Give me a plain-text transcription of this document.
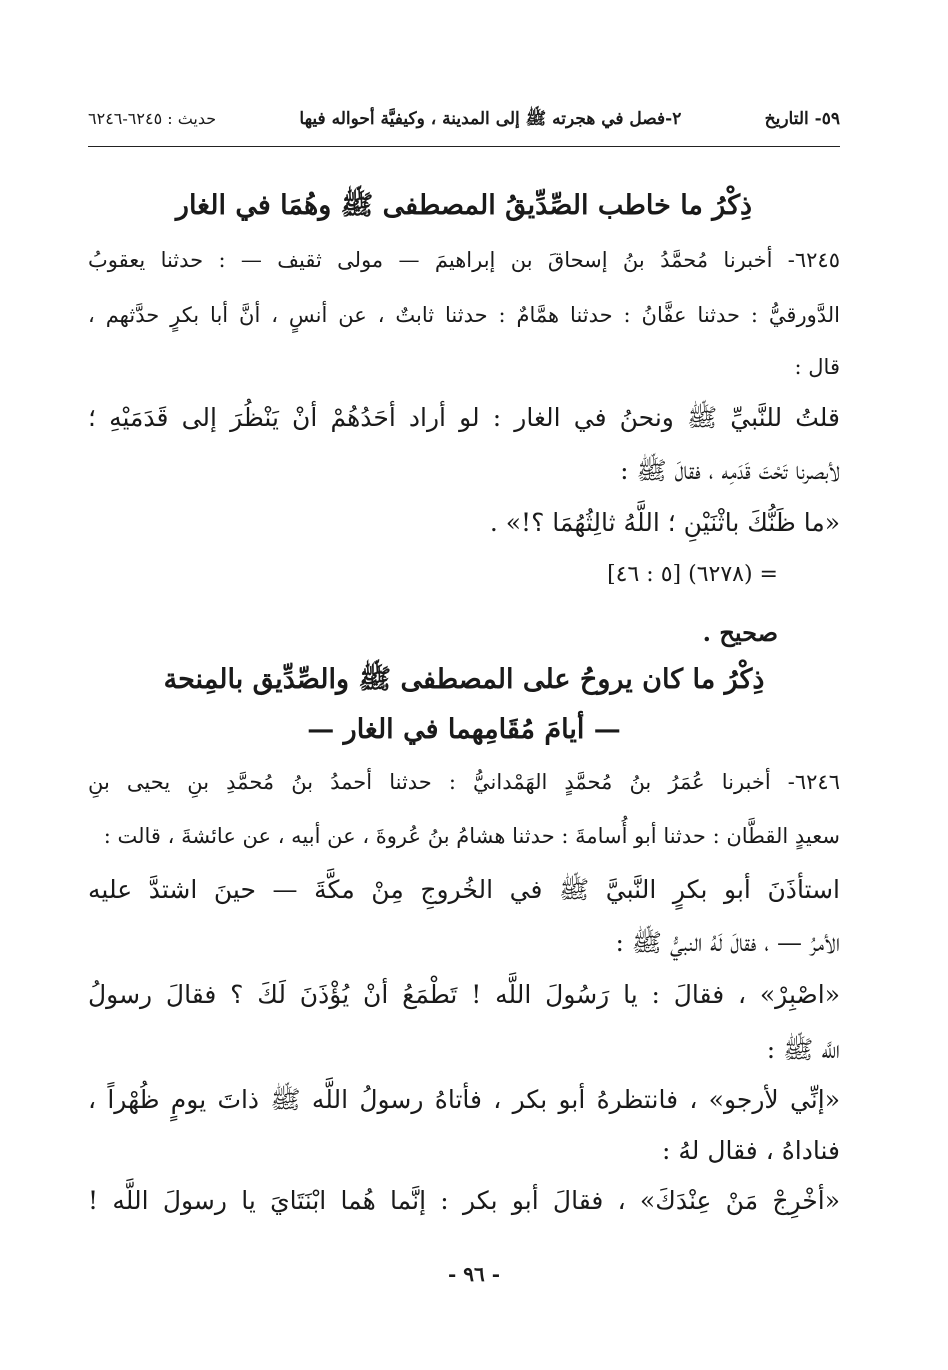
٥٩- التاريخ
٢-فصل في هجرته ﷺ إلى المدينة ، وكيفيَّة أحواله فيها
حديث : ٦٢٤٥-٦٢٤٦
ذِكْرُ ما خاطب الصِّدِّيقُ المصطفى ﷺ وهُمَا في الغار
٦٢٤٥- أخبرنا مُحمَّدُ بنُ إسحاقَ بن إبراهيمَ — مولى ثقيف — : حدثنا يعقوبُ
الدَّورقيُّ : حدثنا عفَّانُ : حدثنا همَّامٌ : حدثنا ثابتٌ ، عن أنسٍ ، أنَّ أبا بكرٍ حدَّثهم ،
قال :
قلتُ للنَّبيِّ ﷺ ونحنُ في الغار : لو أراد أحَدُهُمْ أنْ يَنْظُرَ إلى قَدَمَيْهِ ؛
لأبصرنا تَحْتَ قَدَمِه ، فقالَ ﷺ :
«ما ظَنُّكَ باثْنَيْنِ ؛ اللَّهُ ثالِثُهُمَا ؟!» .
= (٦٢٧٨) [٥ : ٤٦]
صحيح .
ذِكْرُ ما كان يروحُ على المصطفى ﷺ والصِّدِّيق بالمِنحة
— أيامَ مُقَامِهما في الغار —
٦٢٤٦- أخبرنا عُمَرُ بنُ مُحمَّدٍ الهَمْدانيُّ : حدثنا أحمدُ بنُ مُحمَّدِ بنِ يحيى بنِ
سعيدٍ القطَّان : حدثنا أبو أُسامةَ : حدثنا هشامُ بنُ عُروةَ ، عن أبيه ، عن عائشةَ ، قالت :
استأذَنَ أبو بكرٍ النَّبيَّ ﷺ في الخُروجِ مِنْ مكَّةَ — حينَ اشتدَّ عليه
الأمرُ — ، فقالَ لَهُ النبيُّ ﷺ :
«اصْبِرْ» ، فقالَ : يا رَسُولَ اللَّه ! تَطْمَعُ أنْ يُؤْذَنَ لَكَ ؟ فقالَ رسولُ
اللَّه ﷺ :
«إنِّي لأرجو» ، فانتظرهُ أبو بكر ، فأتاهُ رسولُ اللَّه ﷺ ذاتَ يومٍ ظُهْراً ،
فناداهُ ، فقال لهُ :
«أخْرِجْ مَنْ عِنْدَكَ» ، فقالَ أبو بكر : إنَّما هُما ابْنَتَايَ يا رسولَ اللَّه !
- ٩٦ -
